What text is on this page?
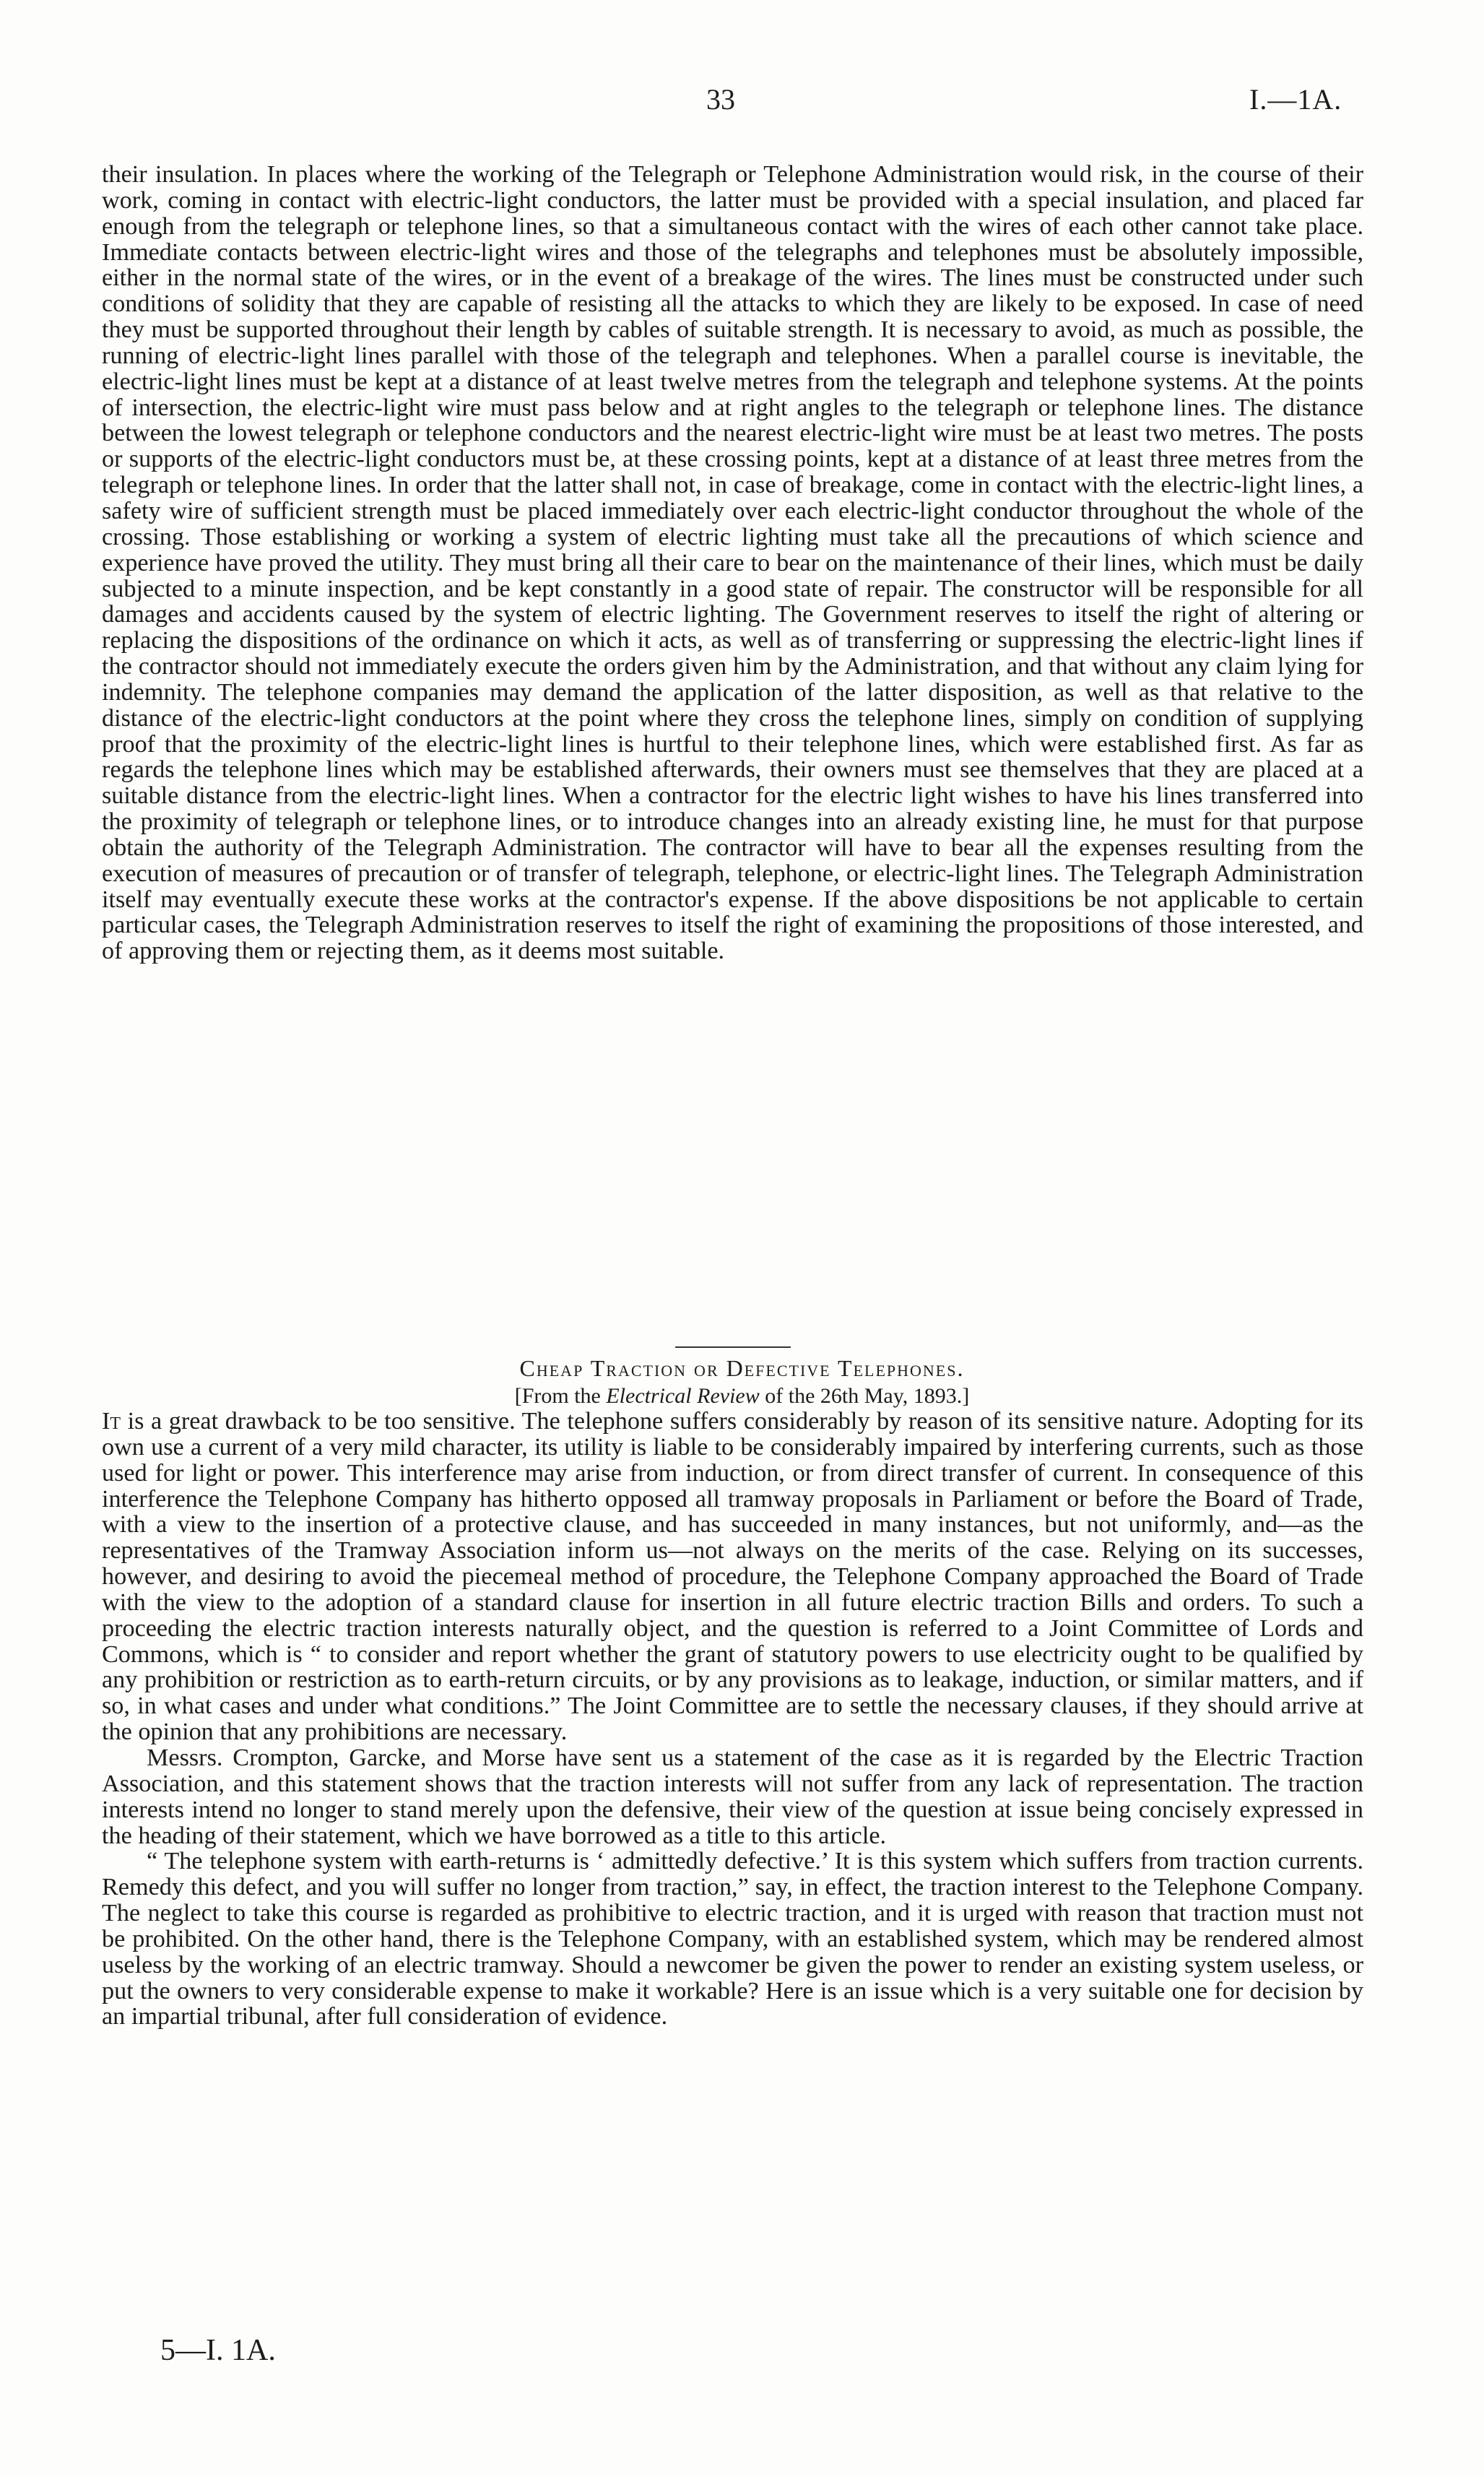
33	I.—1A.

their insulation. In places where the working of the Telegraph or Telephone Administration would risk, in the course of their work, coming in contact with electric-light conductors, the latter must be provided with a special insulation, and placed far enough from the telegraph or telephone lines, so that a simultaneous contact with the wires of each other cannot take place. Immediate contacts between electric-light wires and those of the telegraphs and telephones must be absolutely impossible, either in the normal state of the wires, or in the event of a breakage of the wires. The lines must be constructed under such conditions of solidity that they are capable of resisting all the attacks to which they are likely to be exposed. In case of need they must be supported throughout their length by cables of suitable strength. It is necessary to avoid, as much as possible, the running of electric-light lines parallel with those of the telegraph and telephones. When a parallel course is inevitable, the electric-light lines must be kept at a distance of at least twelve metres from the telegraph and telephone systems. At the points of intersection, the electric-light wire must pass below and at right angles to the telegraph or telephone lines. The distance between the lowest telegraph or telephone conductors and the nearest electric-light wire must be at least two metres. The posts or supports of the electric-light conductors must be, at these crossing points, kept at a distance of at least three metres from the telegraph or telephone lines. In order that the latter shall not, in case of breakage, come in contact with the electric-light lines, a safety wire of sufficient strength must be placed immediately over each electric-light conductor throughout the whole of the crossing. Those establishing or working a system of electric lighting must take all the precautions of which science and experience have proved the utility. They must bring all their care to bear on the maintenance of their lines, which must be daily subjected to a minute inspection, and be kept constantly in a good state of repair. The constructor will be responsible for all damages and accidents caused by the system of electric lighting. The Government reserves to itself the right of altering or replacing the dispositions of the ordinance on which it acts, as well as of transferring or suppressing the electric-light lines if the contractor should not immediately execute the orders given him by the Administration, and that without any claim lying for indemnity. The telephone companies may demand the application of the latter disposition, as well as that relative to the distance of the electric-light conductors at the point where they cross the telephone lines, simply on condition of supplying proof that the proximity of the electric-light lines is hurtful to their telephone lines, which were established first. As far as regards the telephone lines which may be established afterwards, their owners must see themselves that they are placed at a suitable distance from the electric-light lines. When a contractor for the electric light wishes to have his lines transferred into the proximity of telegraph or telephone lines, or to introduce changes into an already existing line, he must for that purpose obtain the authority of the Telegraph Administration. The contractor will have to bear all the expenses resulting from the execution of measures of precaution or of transfer of telegraph, telephone, or electric-light lines. The Telegraph Administration itself may eventually execute these works at the contractor's expense. If the above dispositions be not applicable to certain particular cases, the Telegraph Administration reserves to itself the right of examining the propositions of those interested, and of approving them or rejecting them, as it deems most suitable.

Cheap Traction or Defective Telephones.
[From the Electrical Review of the 26th May, 1893.]

It is a great drawback to be too sensitive. The telephone suffers considerably by reason of its sensitive nature. Adopting for its own use a current of a very mild character, its utility is liable to be considerably impaired by interfering currents, such as those used for light or power. This interference may arise from induction, or from direct transfer of current. In consequence of this interference the Telephone Company has hitherto opposed all tramway proposals in Parliament or before the Board of Trade, with a view to the insertion of a protective clause, and has succeeded in many instances, but not uniformly, and—as the representatives of the Tramway Association inform us—not always on the merits of the case. Relying on its successes, however, and desiring to avoid the piecemeal method of procedure, the Telephone Company approached the Board of Trade with the view to the adoption of a standard clause for insertion in all future electric traction Bills and orders. To such a proceeding the electric traction interests naturally object, and the question is referred to a Joint Committee of Lords and Commons, which is “ to consider and report whether the grant of statutory powers to use electricity ought to be qualified by any prohibition or restriction as to earth-return circuits, or by any provisions as to leakage, induction, or similar matters, and if so, in what cases and under what conditions.” The Joint Committee are to settle the necessary clauses, if they should arrive at the opinion that any prohibitions are necessary.

Messrs. Crompton, Garcke, and Morse have sent us a statement of the case as it is regarded by the Electric Traction Association, and this statement shows that the traction interests will not suffer from any lack of representation. The traction interests intend no longer to stand merely upon the defensive, their view of the question at issue being concisely expressed in the heading of their statement, which we have borrowed as a title to this article.

“ The telephone system with earth-returns is ‘ admittedly defective.’ It is this system which suffers from traction currents. Remedy this defect, and you will suffer no longer from traction,” say, in effect, the traction interest to the Telephone Company. The neglect to take this course is regarded as prohibitive to electric traction, and it is urged with reason that traction must not be prohibited. On the other hand, there is the Telephone Company, with an established system, which may be rendered almost useless by the working of an electric tramway. Should a newcomer be given the power to render an existing system useless, or put the owners to very considerable expense to make it workable? Here is an issue which is a very suitable one for decision by an impartial tribunal, after full consideration of evidence.

5—I. 1A.
